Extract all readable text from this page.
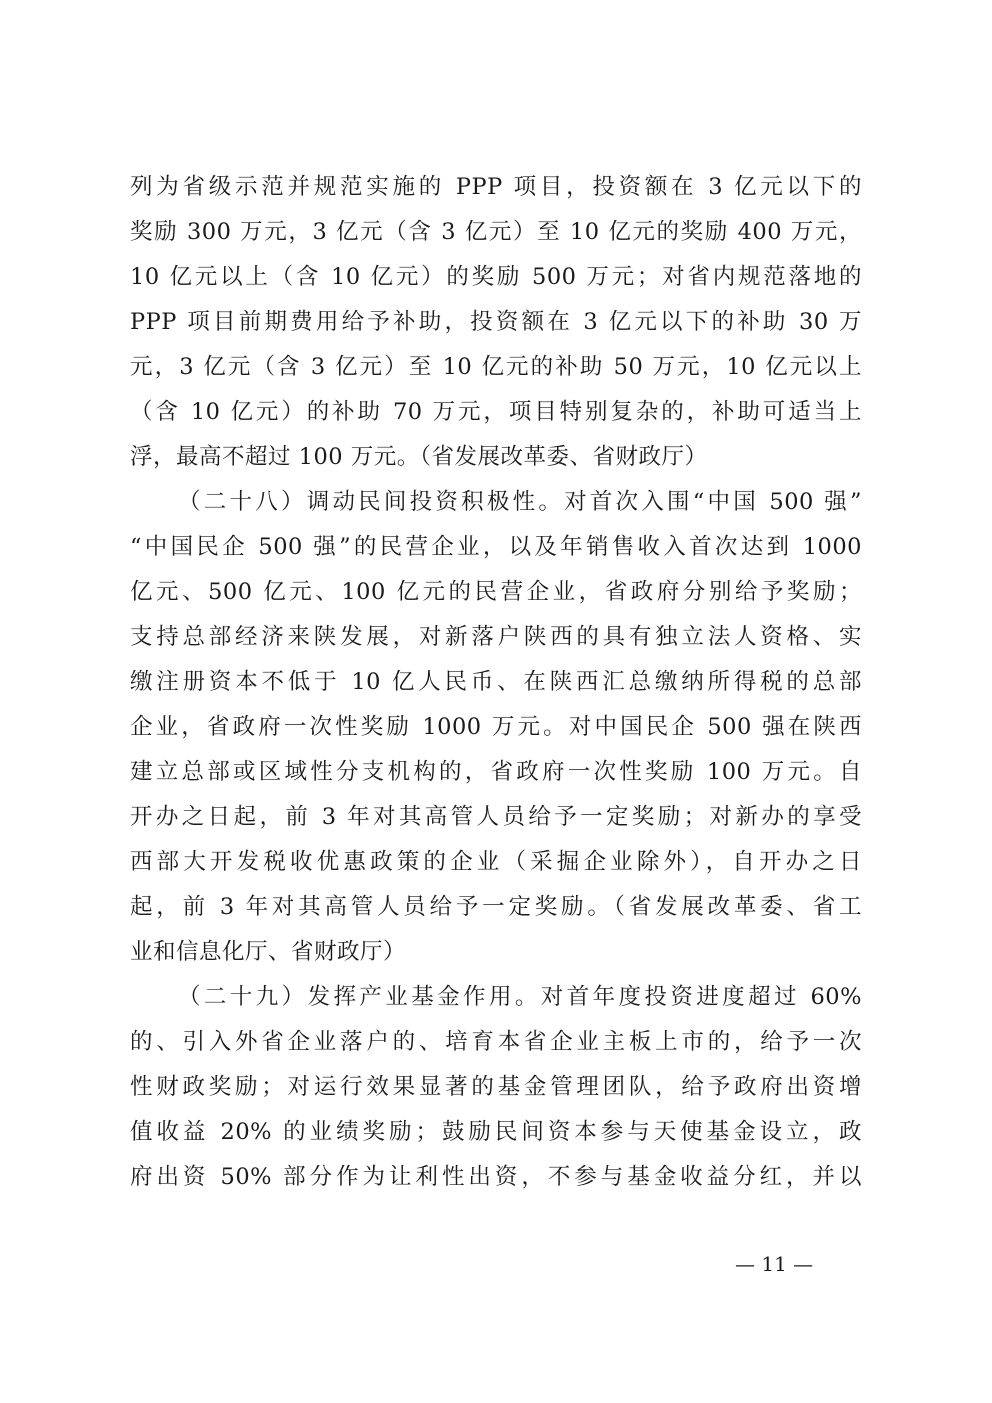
列为省级示范并规范实施的 PPP 项目，投资额在 3 亿元以下的
奖励 300 万元，3 亿元（含 3 亿元）至 10 亿元的奖励 400 万元，
10 亿元以上（含 10 亿元）的奖励 500 万元；对省内规范落地的
PPP 项目前期费用给予补助，投资额在 3 亿元以下的补助 30 万
元，3 亿元（含 3 亿元）至 10 亿元的补助 50 万元，10 亿元以上
（含 10 亿元）的补助 70 万元，项目特别复杂的，补助可适当上
浮，最高不超过 100 万元。（省发展改革委、省财政厅）
（二十八）调动民间投资积极性。对首次入围“中国 500 强”
“中国民企 500 强”的民营企业，以及年销售收入首次达到 1000
亿元、500 亿元、100 亿元的民营企业，省政府分别给予奖励；
支持总部经济来陕发展，对新落户陕西的具有独立法人资格、实
缴注册资本不低于 10 亿人民币、在陕西汇总缴纳所得税的总部
企业，省政府一次性奖励 1000 万元。对中国民企 500 强在陕西
建立总部或区域性分支机构的，省政府一次性奖励 100 万元。自
开办之日起，前 3 年对其高管人员给予一定奖励；对新办的享受
西部大开发税收优惠政策的企业（采掘企业除外），自开办之日
起，前 3 年对其高管人员给予一定奖励。（省发展改革委、省工
业和信息化厅、省财政厅）
（二十九）发挥产业基金作用。对首年度投资进度超过 60%
的、引入外省企业落户的、培育本省企业主板上市的，给予一次
性财政奖励；对运行效果显著的基金管理团队，给予政府出资增
值收益 20% 的业绩奖励；鼓励民间资本参与天使基金设立，政
府出资 50% 部分作为让利性出资，不参与基金收益分红，并以
— 11 —
